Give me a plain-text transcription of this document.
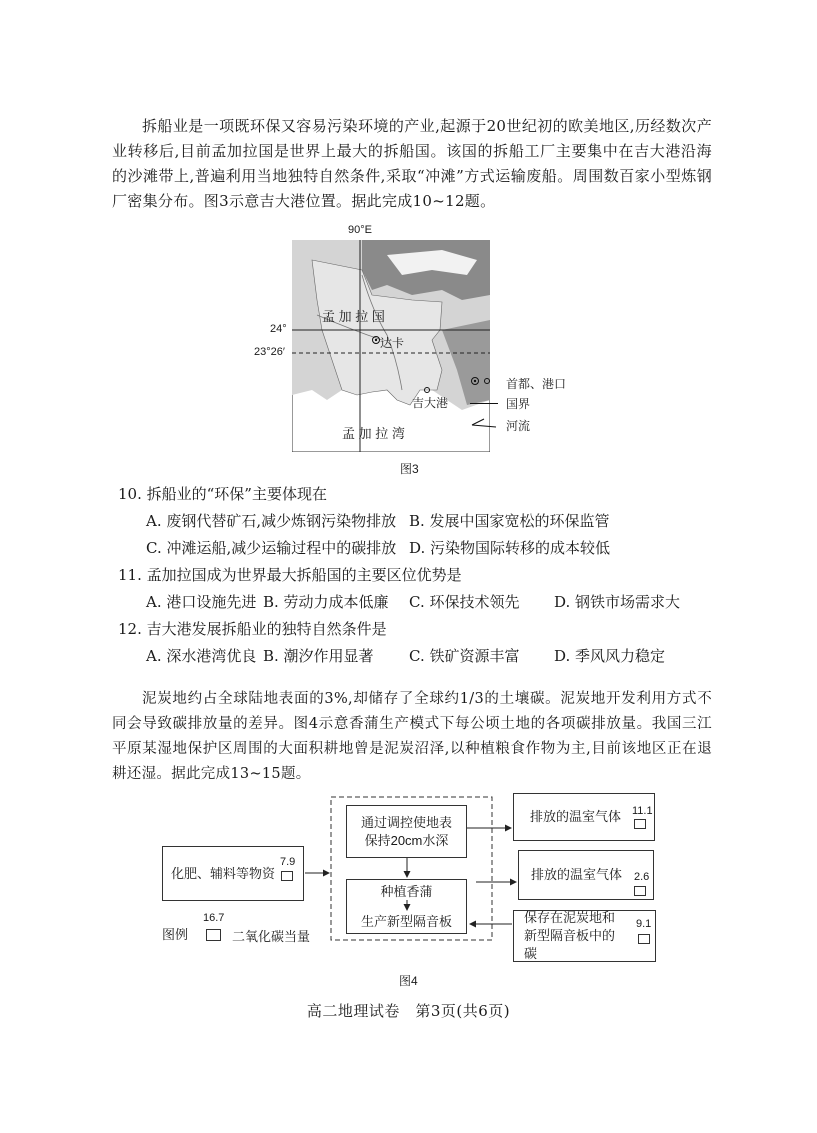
拆船业是一项既环保又容易污染环境的产业,起源于20世纪初的欧美地区,历经数次产业转移后,目前孟加拉国是世界上最大的拆船国。该国的拆船工厂主要集中在吉大港沿海的沙滩带上,普遍利用当地独特自然条件,采取“冲滩”方式运输废船。周围数百家小型炼钢厂密集分布。图3示意吉大港位置。据此完成10~12题。
90°E
孟 加 拉 国
达卡
吉大港
孟 加 拉 湾
24°
23°26′
首都、港口
国界
河流
图3
10. 拆船业的“环保”主要体现在
A. 废钢代替矿石,减少炼钢污染物排放 B. 发展中国家宽松的环保监管
C. 冲滩运船,减少运输过程中的碳排放 D. 污染物国际转移的成本较低
11. 孟加拉国成为世界最大拆船国的主要区位优势是
A. 港口设施先进 B. 劳动力成本低廉 C. 环保技术领先 D. 钢铁市场需求大
12. 吉大港发展拆船业的独特自然条件是
A. 深水港湾优良 B. 潮汐作用显著 C. 铁矿资源丰富 D. 季风风力稳定
泥炭地约占全球陆地表面的3%,却储存了全球约1/3的土壤碳。泥炭地开发利用方式不同会导致碳排放量的差异。图4示意香蒲生产模式下每公顷土地的各项碳排放量。我国三江平原某湿地保护区周围的大面积耕地曾是泥炭沼泽,以种植粮食作物为主,目前该地区正在退耕还湿。据此完成13~15题。
化肥、辅料等物资
7.9
通过调控使地表保持20cm水深
种植香蒲
生产新型隔音板
排放的温室气体 11.1
排放的温室气体 2.6
保存在泥炭地和新型隔音板中的碳
9.1
图例
16.7
二氧化碳当量
图4
高二地理试卷　第3页(共6页)
